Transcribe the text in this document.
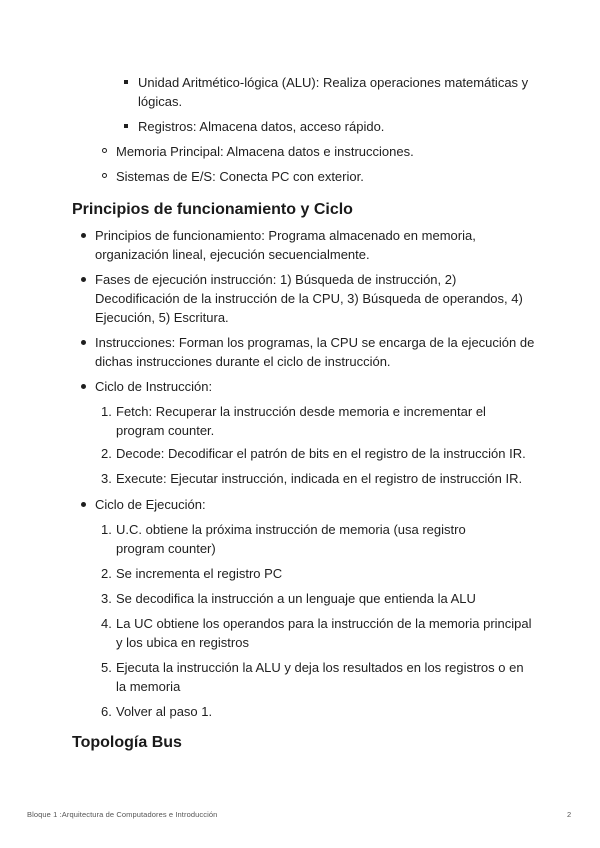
Unidad Aritmético-lógica (ALU): Realiza operaciones matemáticas y lógicas.
Registros: Almacena datos, acceso rápido.
Memoria Principal: Almacena datos e instrucciones.
Sistemas de E/S: Conecta PC con exterior.
Principios de funcionamiento y Ciclo
Principios de funcionamiento: Programa almacenado en memoria, organización lineal, ejecución secuencialmente.
Fases de ejecución instrucción: 1) Búsqueda de instrucción, 2) Decodificación de la instrucción de la CPU, 3) Búsqueda de operandos, 4) Ejecución, 5) Escritura.
Instrucciones: Forman los programas, la CPU se encarga de la ejecución de dichas instrucciones durante el ciclo de instrucción.
Ciclo de Instrucción:
1. Fetch: Recuperar la instrucción desde memoria e incrementar el program counter.
2. Decode: Decodificar el patrón de bits en el registro de la instrucción IR.
3. Execute: Ejecutar instrucción, indicada en el registro de instrucción IR.
Ciclo de Ejecución:
1. U.C. obtiene la próxima instrucción de memoria (usa registro program counter)
2. Se incrementa el registro PC
3. Se decodifica la instrucción a un lenguaje que entienda la ALU
4. La UC obtiene los operandos para la instrucción de la memoria principal y los ubica en registros
5. Ejecuta la instrucción la ALU y deja los resultados en los registros o en la memoria
6. Volver al paso 1.
Topología Bus
Bloque 1 :Arquitectura de Computadores e Introducción	2
